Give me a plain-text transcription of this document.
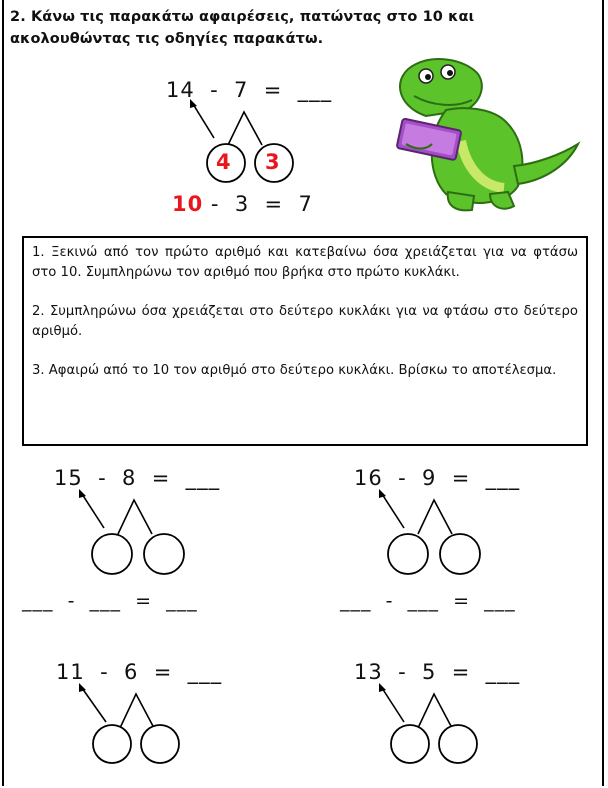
2. Κάνω τις παρακάτω αφαιρέσεις, πατώντας στο 10 και ακολουθώντας τις οδηγίες παρακάτω.
14  -  7  =  ___
4 3
10 -  3  =  7

1. Ξεκινώ από τον πρώτο αριθμό και κατεβαίνω όσα χρειάζεται για να φτάσω στο 10. Συμπληρώνω τον αριθμό που βρήκα στο πρώτο κυκλάκι.

2. Συμπληρώνω όσα χρειάζεται στο δεύτερο κυκλάκι για να φτάσω στο δεύτερο αριθμό.

3. Αφαιρώ από το 10 τον αριθμό στο δεύτερο κυκλάκι. Βρίσκω το αποτέλεσμα.

15  -  8  =  ___
___  -  ___  =  ___
16  -  9  =  ___
___  -  ___  =  ___
11  -  6  =  ___	13  -  5  =  ___
